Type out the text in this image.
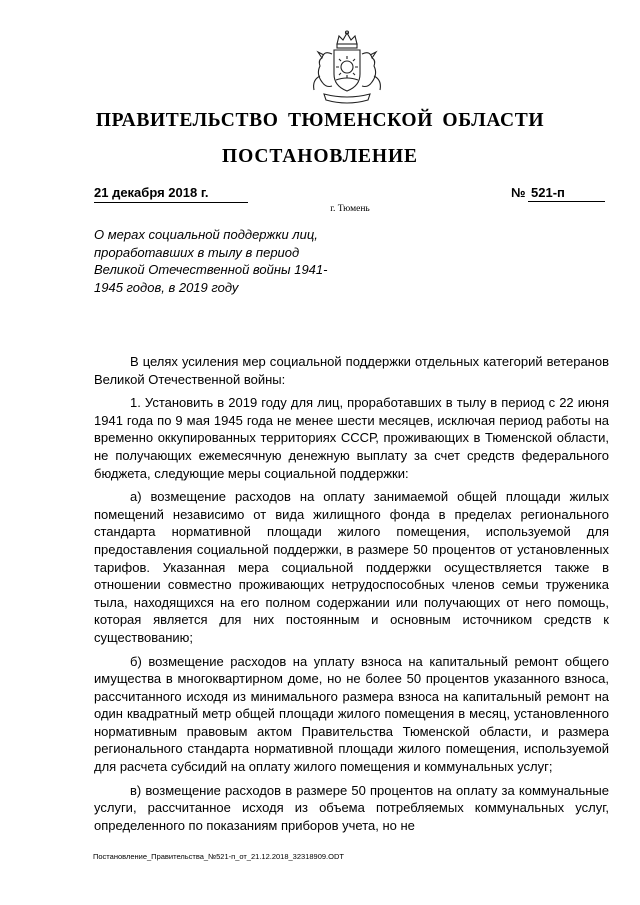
ПРАВИТЕЛЬСТВО ТЮМЕНСКОЙ ОБЛАСТИ
ПОСТАНОВЛЕНИЕ
21 декабря 2018 г.	№ 521-п
г. Тюмень
О мерах социальной поддержки лиц, проработавших в тылу в период Великой Отечественной войны 1941-1945 годов, в 2019 году

В целях усиления мер социальной поддержки отдельных категорий ветеранов Великой Отечественной войны:

1. Установить в 2019 году для лиц, проработавших в тылу в период с 22 июня 1941 года по 9 мая 1945 года не менее шести месяцев, исключая период работы на временно оккупированных территориях СССР, проживающих в Тюменской области, не получающих ежемесячную денежную выплату за счет средств федерального бюджета, следующие меры социальной поддержки:

а) возмещение расходов на оплату занимаемой общей площади жилых помещений независимо от вида жилищного фонда в пределах регионального стандарта нормативной площади жилого помещения, используемой для предоставления социальной поддержки, в размере 50 процентов от установленных тарифов. Указанная мера социальной поддержки осуществляется также в отношении совместно проживающих нетрудоспособных членов семьи труженика тыла, находящихся на его полном содержании или получающих от него помощь, которая является для них постоянным и основным источником средств к существованию;

б) возмещение расходов на уплату взноса на капитальный ремонт общего имущества в многоквартирном доме, но не более 50 процентов указанного взноса, рассчитанного исходя из минимального размера взноса на капитальный ремонт на один квадратный метр общей площади жилого помещения в месяц, установленного нормативным правовым актом Правительства Тюменской области, и размера регионального стандарта нормативной площади жилого помещения, используемой для расчета субсидий на оплату жилого помещения и коммунальных услуг;

в) возмещение расходов в размере 50 процентов на оплату за коммунальные услуги, рассчитанное исходя из объема потребляемых коммунальных услуг, определенного по показаниям приборов учета, но не

Постановление_Правительства_№521-п_от_21.12.2018_32318909.ODT
